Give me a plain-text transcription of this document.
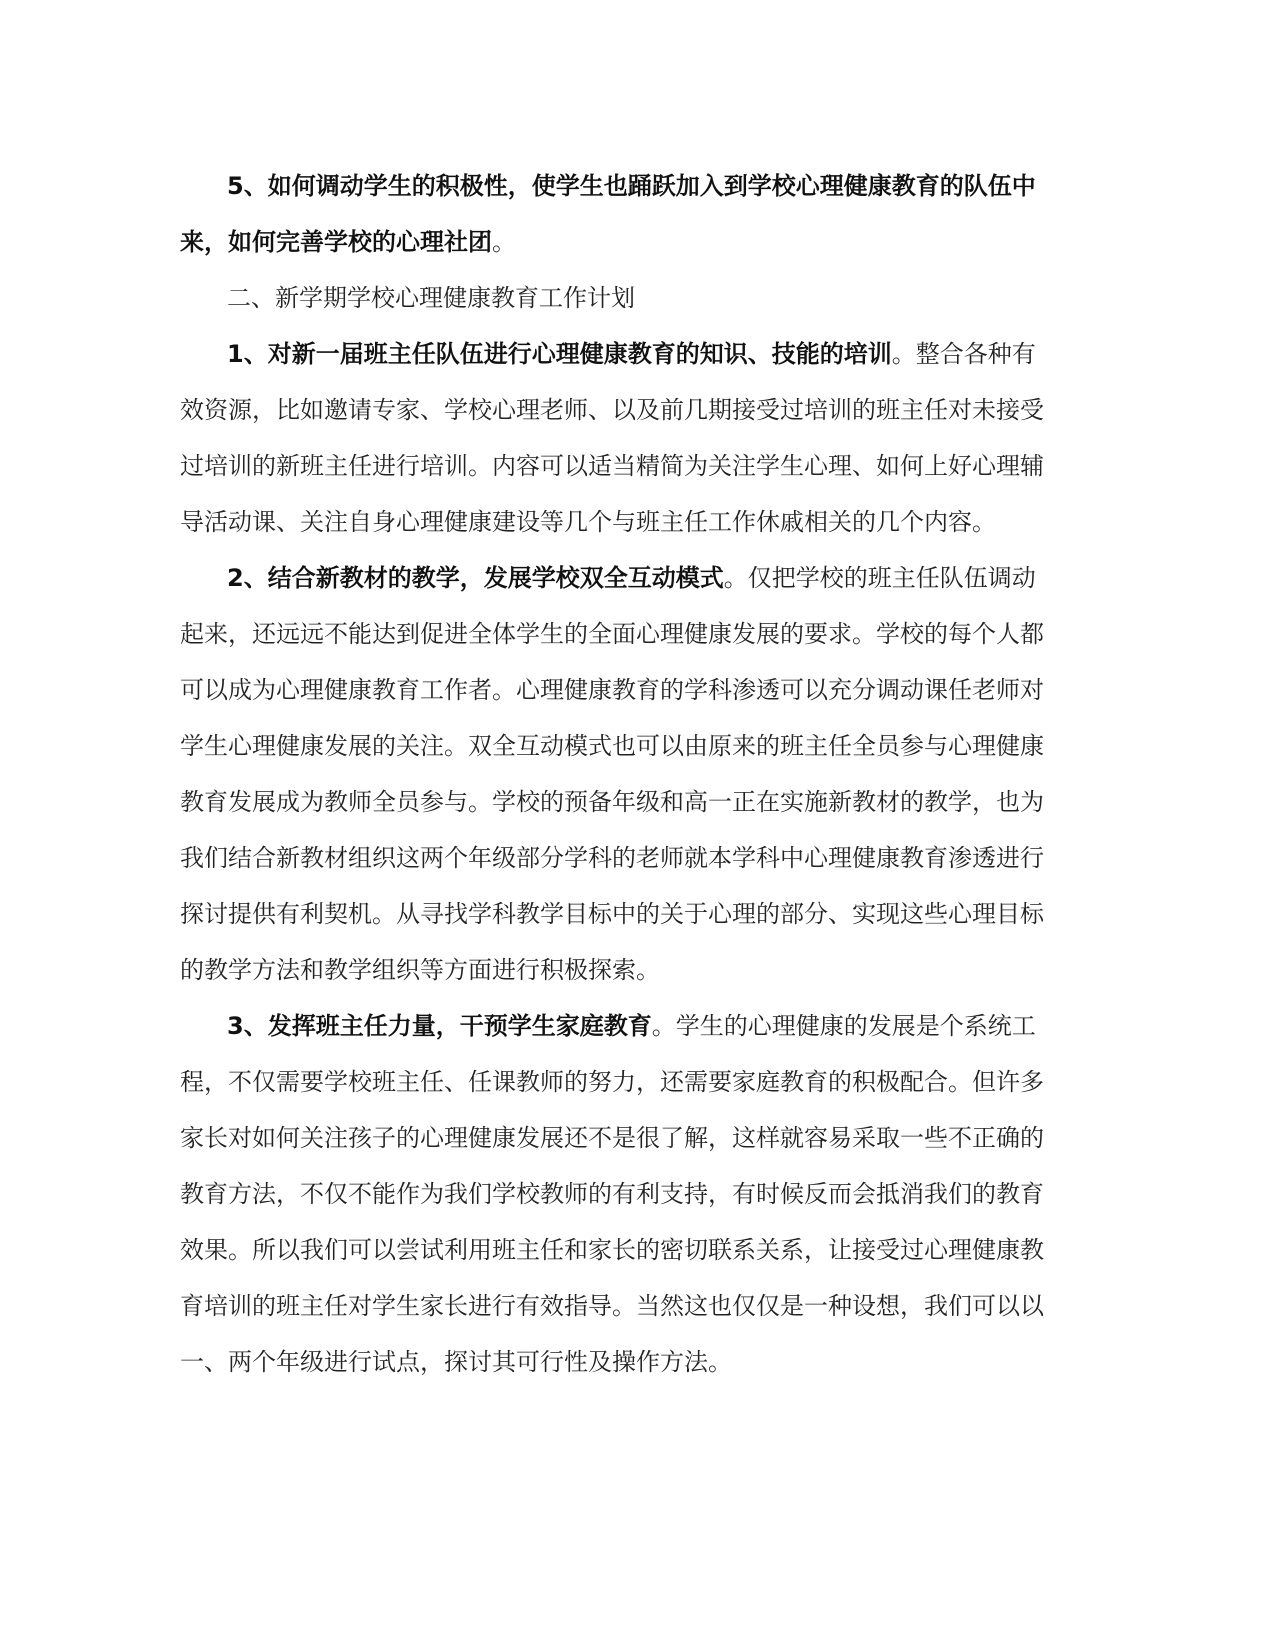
5、如何调动学生的积极性，使学生也踊跃加入到学校心理健康教育的队伍中
来，如何完善学校的心理社团。
二、新学期学校心理健康教育工作计划
1、对新一届班主任队伍进行心理健康教育的知识、技能的培训。整合各种有
效资源，比如邀请专家、学校心理老师、以及前几期接受过培训的班主任对未接受
过培训的新班主任进行培训。内容可以适当精简为关注学生心理、如何上好心理辅
导活动课、关注自身心理健康建设等几个与班主任工作休戚相关的几个内容。
2、结合新教材的教学，发展学校双全互动模式。仅把学校的班主任队伍调动
起来，还远远不能达到促进全体学生的全面心理健康发展的要求。学校的每个人都
可以成为心理健康教育工作者。心理健康教育的学科渗透可以充分调动课任老师对
学生心理健康发展的关注。双全互动模式也可以由原来的班主任全员参与心理健康
教育发展成为教师全员参与。学校的预备年级和高一正在实施新教材的教学，也为
我们结合新教材组织这两个年级部分学科的老师就本学科中心理健康教育渗透进行
探讨提供有利契机。从寻找学科教学目标中的关于心理的部分、实现这些心理目标
的教学方法和教学组织等方面进行积极探索。
3、发挥班主任力量，干预学生家庭教育。学生的心理健康的发展是个系统工
程，不仅需要学校班主任、任课教师的努力，还需要家庭教育的积极配合。但许多
家长对如何关注孩子的心理健康发展还不是很了解，这样就容易采取一些不正确的
教育方法，不仅不能作为我们学校教师的有利支持，有时候反而会抵消我们的教育
效果。所以我们可以尝试利用班主任和家长的密切联系关系，让接受过心理健康教
育培训的班主任对学生家长进行有效指导。当然这也仅仅是一种设想，我们可以以
一、两个年级进行试点，探讨其可行性及操作方法。
